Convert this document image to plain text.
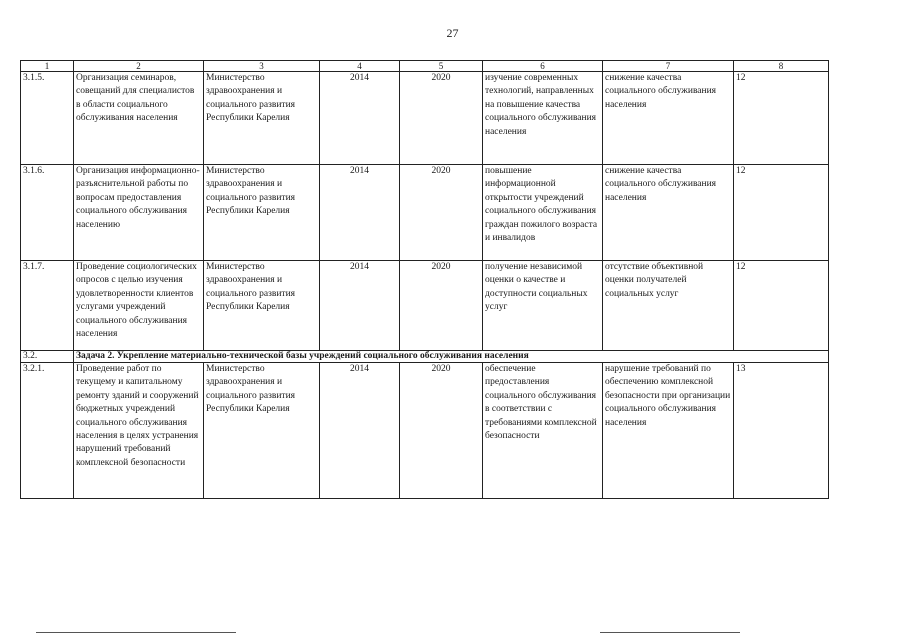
27
1	2	3	4	5	6	7	8
3.1.5.	Организация семинаров, совещаний для специалистов в области социального обслуживания населения	Министерство здравоохранения и социального развития Республики Карелия	2014	2020	изучение современных технологий, направленных на повышение качества социального обслуживания населения	снижение качества социального обслуживания населения	12
3.1.6.	Организация информационно-разъяснительной работы по вопросам предоставления социального обслуживания населению	Министерство здравоохранения и социального развития Республики Карелия	2014	2020	повышение информационной открытости учреждений социального обслуживания граждан пожилого возраста и инвалидов	снижение качества социального обслуживания населения	12
3.1.7.	Проведение социологических опросов с целью изучения удовлетворенности клиентов услугами учреждений социального обслуживания населения	Министерство здравоохранения и социального развития Республики Карелия	2014	2020	получение независимой оценки о качестве и доступности социальных услуг	отсутствие объективной оценки получателей социальных услуг	12
3.2.	Задача 2. Укрепление материально-технической базы учреждений социального обслуживания населения						
3.2.1.	Проведение работ по текущему и капитальному ремонту зданий и сооружений бюджетных учреждений социального обслуживания населения в целях устранения нарушений требований комплексной безопасности	Министерство здравоохранения и социального развития Республики Карелия	2014	2020	обеспечение предоставления социального обслуживания в соответствии с требованиями комплексной безопасности	нарушение требований по обеспечению комплексной безопасности при организации социального обслуживания населения	13
